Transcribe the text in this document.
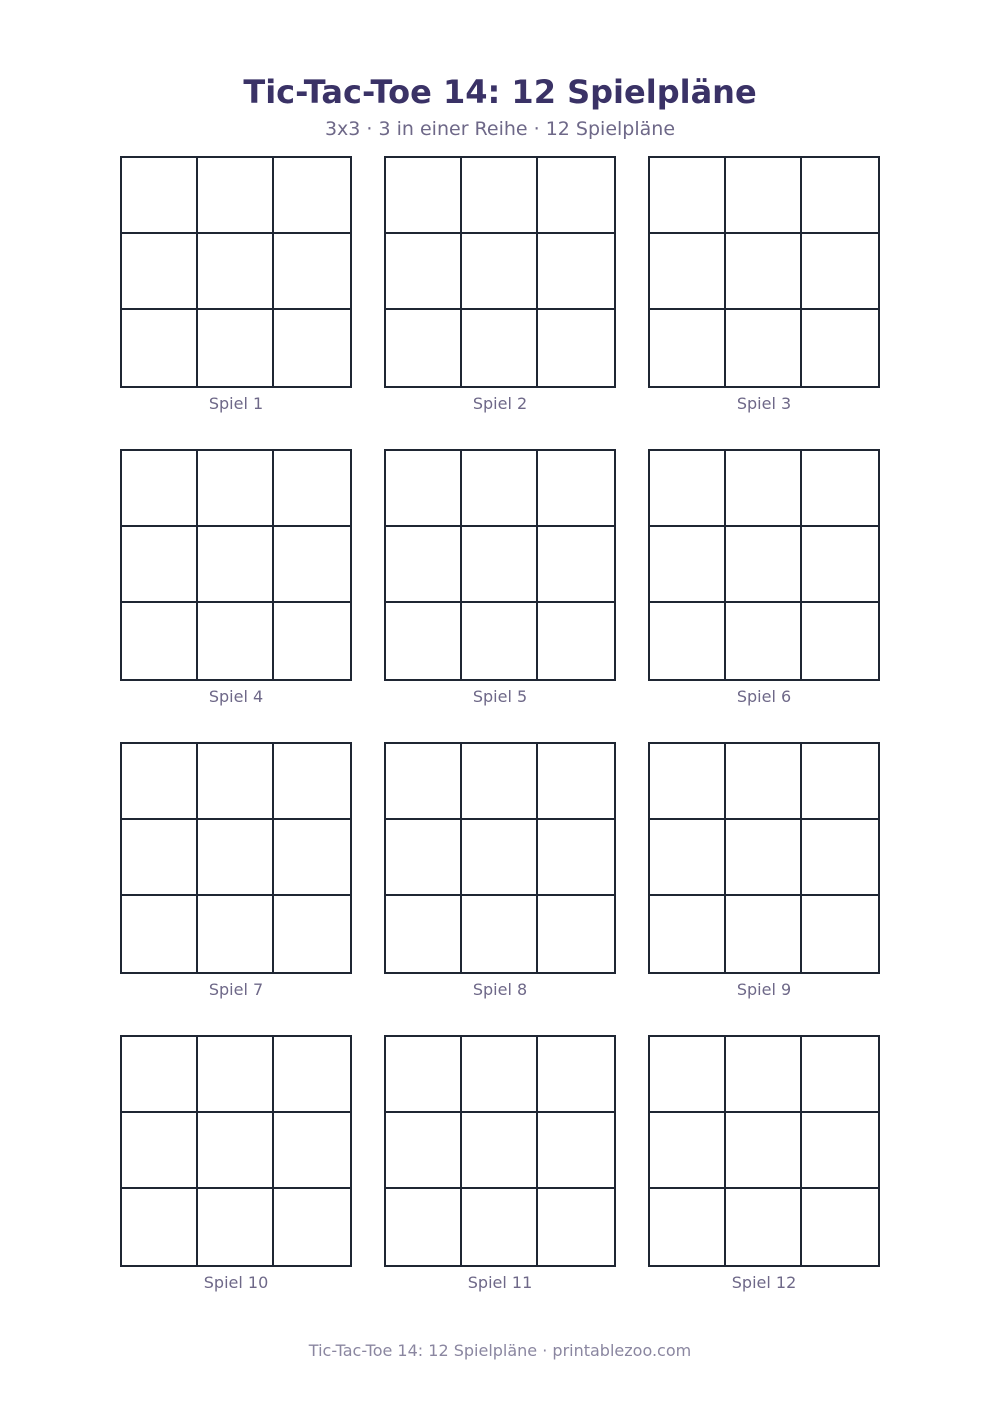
Tic-Tac-Toe 14: 12 Spielpläne
3x3 · 3 in einer Reihe · 12 Spielpläne
Spiel 1	Spiel 2	Spiel 3
Spiel 4	Spiel 5	Spiel 6
Spiel 7	Spiel 8	Spiel 9
Spiel 10	Spiel 11	Spiel 12
Tic-Tac-Toe 14: 12 Spielpläne · printablezoo.com
